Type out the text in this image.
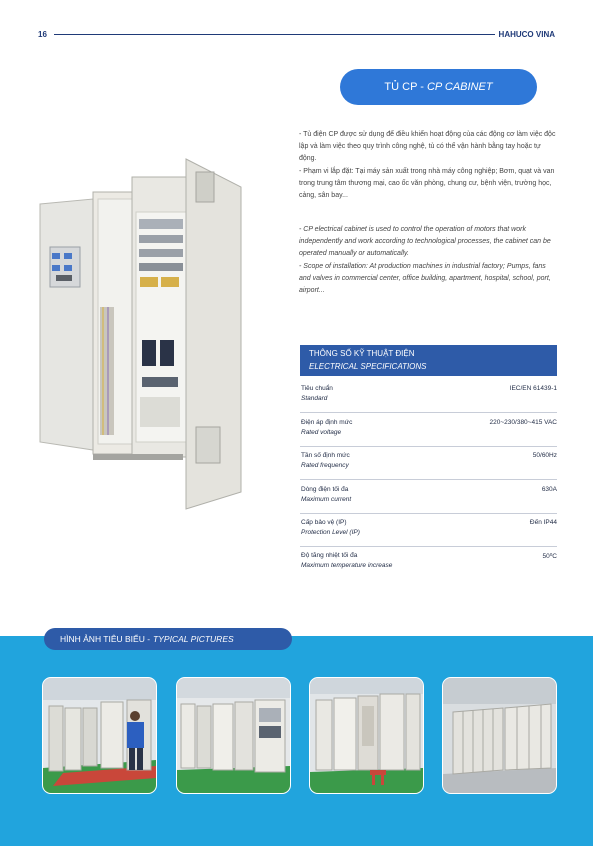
16	HAHUCO VINA
TỦ CP - CP CABINET

- Tủ điện CP được sử dụng để điều khiển hoạt động của các động cơ làm việc độc lập và làm việc theo quy trình công nghệ, tủ có thể vận hành bằng tay hoặc tự động.

- Phạm vi lắp đặt: Tại máy sản xuất trong nhà máy công nghiệp; Bơm, quạt và van trong trung tâm thương mại, cao ốc văn phòng, chung cư, bệnh viện, trường học, cảng, sân bay...

- CP electrical cabinet is used to control the operation of motors that work independently and work according to technological processes, the cabinet can be operated manually or automatically.

- Scope of installation: At production machines in industrial factory; Pumps, fans and valves in commercial center, office building, apartment, hospital, school, port, airport...

THÔNG SỐ KỸ THUẬT ĐIỆN
ELECTRICAL SPECIFICATIONS
Tiêu chuẩn
Standard
IEC/EN 61439-1
Điện áp định mức
Rated voltage
220~230/380~415 VAC
Tần số định mức
Rated frequency
50/60Hz
Dòng điện tối đa
Maximum current
630A
Cấp bảo vệ (IP)
Protection Level (IP)
Đến IP44
Độ tăng nhiệt tối đa
Maximum temperature increase
50⁰C
HÌNH ẢNH TIÊU BIỂU - TYPICAL PICTURES
